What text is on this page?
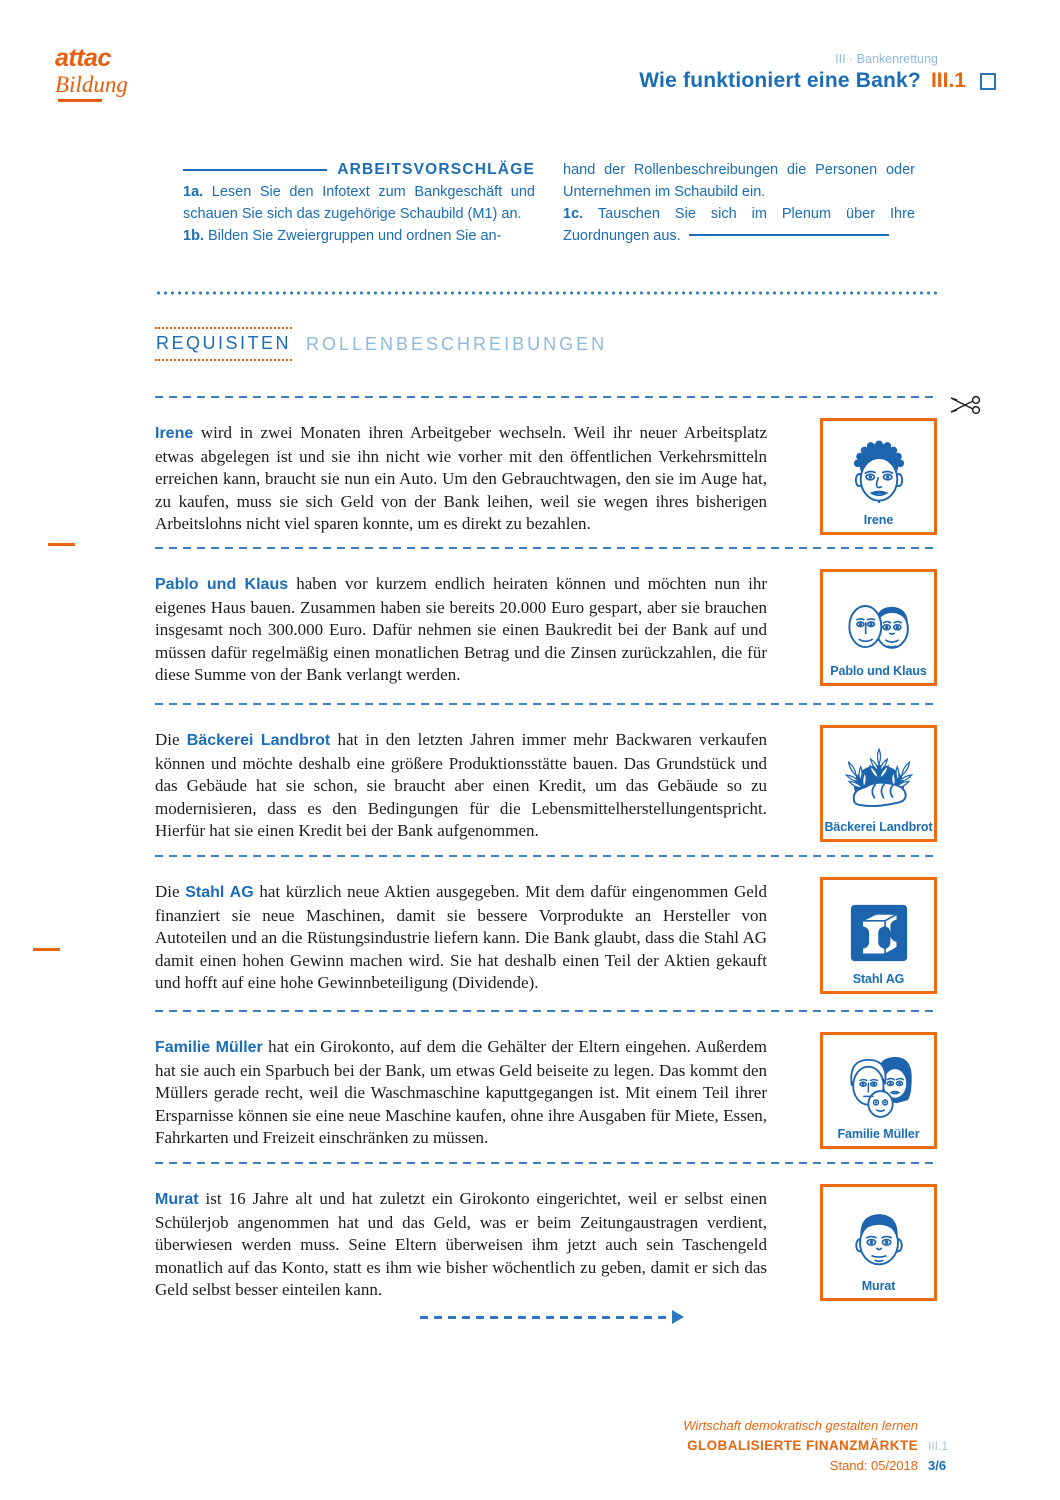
attac
Bildung
III · Bankenrettung
Wie funktioniert eine Bank? III.1
ARBEITSVORSCHLÄGE
1a. Lesen Sie den Infotext zum Bankgeschäft und schauen Sie sich das zugehörige Schaubild (M1) an.
1b. Bilden Sie Zweiergruppen und ordnen Sie an-
hand der Rollenbeschreibungen die Personen oder Unternehmen im Schaubild ein.
1c. Tauschen Sie sich im Plenum über Ihre Zuordnungen aus.
REQUISITEN ROLLENBESCHREIBUNGEN
Irene wird in zwei Monaten ihren Arbeitgeber wechseln. Weil ihr neuer Arbeitsplatz etwas abgelegen ist und sie ihn nicht wie vorher mit den öffentlichen Verkehrsmitteln erreichen kann, braucht sie nun ein Auto. Um den Gebrauchtwagen, den sie im Auge hat, zu kaufen, muss sie sich Geld von der Bank leihen, weil sie wegen ihres bisherigen Arbeitslohns nicht viel sparen konnte, um es direkt zu bezahlen.	Irene
Pablo und Klaus haben vor kurzem endlich heiraten können und möchten nun ihr eigenes Haus bauen. Zusammen haben sie bereits 20.000 Euro gespart, aber sie brauchen insgesamt noch 300.000 Euro. Dafür nehmen sie einen Baukredit bei der Bank auf und müssen dafür regelmäßig einen monatlichen Betrag und die Zinsen zurückzahlen, die für diese Summe von der Bank verlangt werden.	Pablo und Klaus
Die Bäckerei Landbrot hat in den letzten Jahren immer mehr Backwaren verkaufen können und möchte deshalb eine größere Produktionsstätte bauen. Das Grundstück und das Gebäude hat sie schon, sie braucht aber einen Kredit, um das Gebäude so zu modernisieren, dass es den Bedingungen für die Lebensmittelherstellungentspricht. Hierfür hat sie einen Kredit bei der Bank aufgenommen.	Bäckerei Landbrot
Die Stahl AG hat kürzlich neue Aktien ausgegeben. Mit dem dafür eingenommen Geld finanziert sie neue Maschinen, damit sie bessere Vorprodukte an Hersteller von Autoteilen und an die Rüstungsindustrie liefern kann. Die Bank glaubt, dass die Stahl AG damit einen hohen Gewinn machen wird. Sie hat deshalb einen Teil der Aktien gekauft und hofft auf eine hohe Gewinnbeteiligung (Dividende).	Stahl AG
Familie Müller hat ein Girokonto, auf dem die Gehälter der Eltern eingehen. Außerdem hat sie auch ein Sparbuch bei der Bank, um etwas Geld beiseite zu legen. Das kommt den Müllers gerade recht, weil die Waschmaschine kaputtgegangen ist. Mit einem Teil ihrer Ersparnisse können sie eine neue Maschine kaufen, ohne ihre Ausgaben für Miete, Essen, Fahrkarten und Freizeit einschränken zu müssen.	Familie Müller
Murat ist 16 Jahre alt und hat zuletzt ein Girokonto eingerichtet, weil er selbst einen Schülerjob angenommen hat und das Geld, was er beim Zeitungaustragen verdient, überwiesen werden muss. Seine Eltern überweisen ihm jetzt auch sein Taschengeld monatlich auf das Konto, statt es ihm wie bisher wöchentlich zu geben, damit er sich das Geld selbst besser einteilen kann.	Murat
Wirtschaft demokratisch gestalten lernen
GLOBALISIERTE FINANZMÄRKTE III.1
Stand: 05/2018 3/6
